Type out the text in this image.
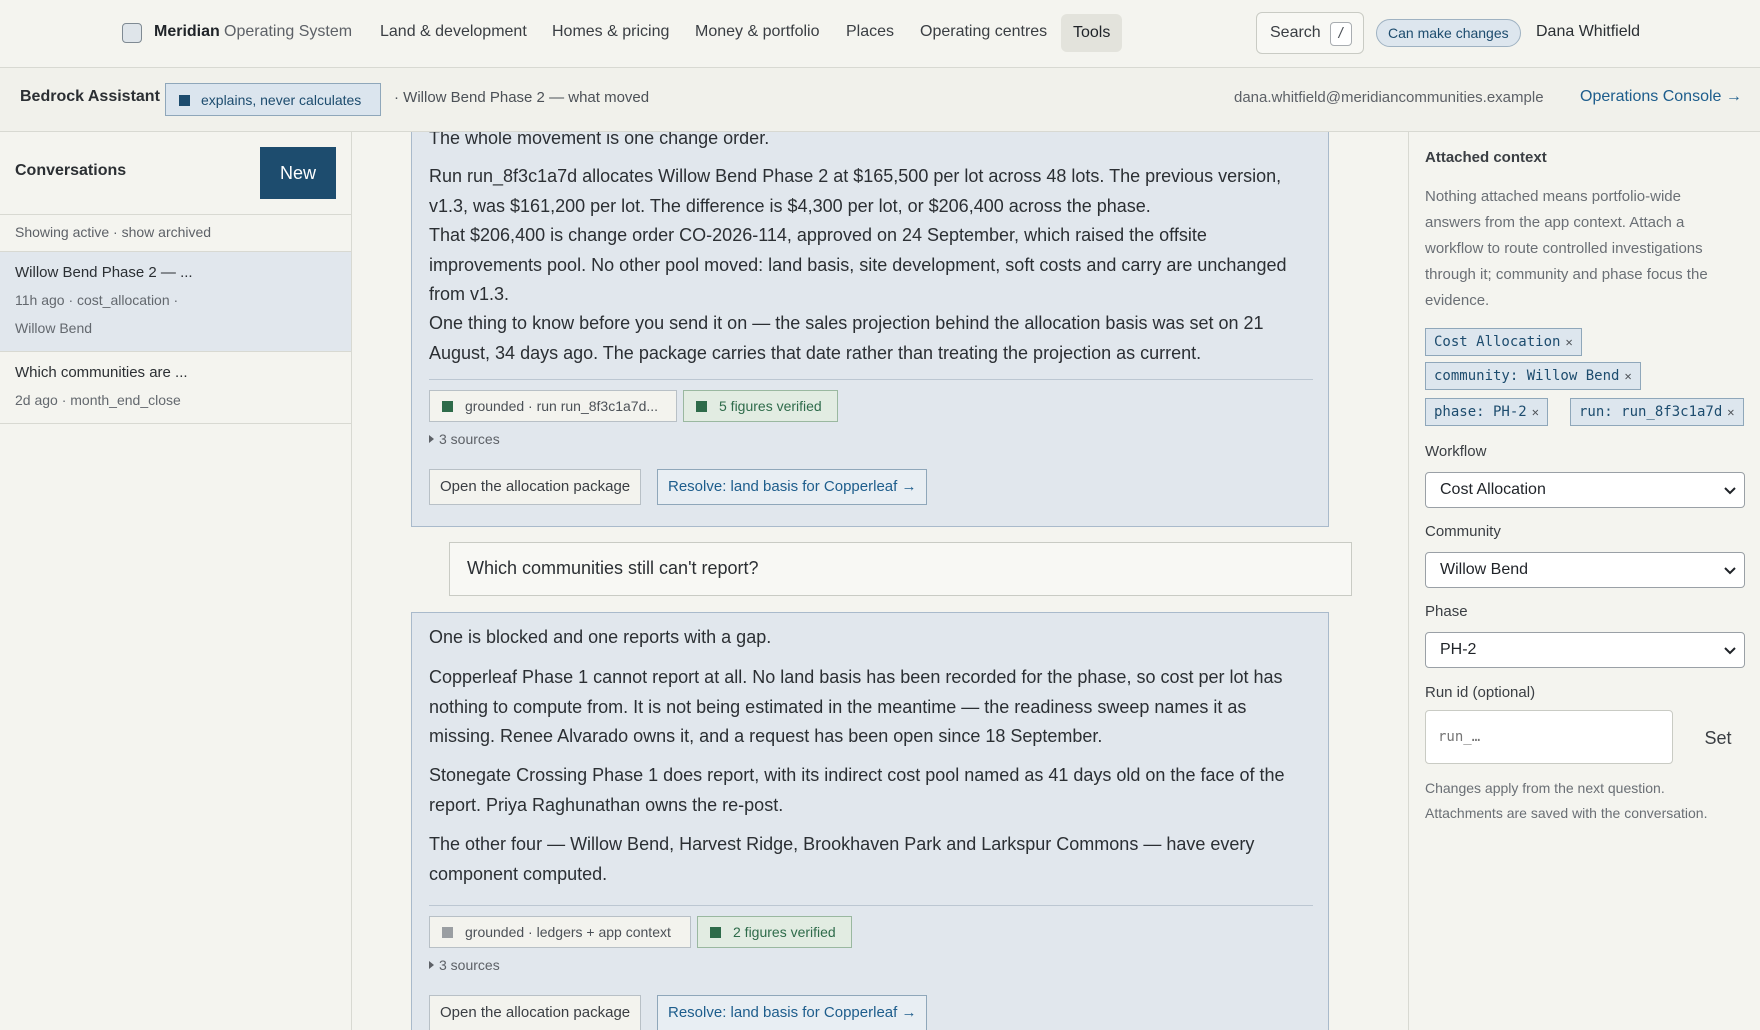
Meridian Operating System Land & development Homes & pricing Money & portfolio Places Operating centres	Tools	Search	/	Can make changes	Dana Whitfield
Bedrock Assistant	explains, never calculates · Willow Bend Phase 2 — what moved	dana.whitfield@meridiancommunities.example Operations Console →
Conversations	New
Showing active · show archived
Willow Bend Phase 2 — ...
11h ago · cost_allocation ·
Willow Bend
Which communities are ...
2d ago · month_end_close

The whole movement is one change order.

Run run_8f3c1a7d allocates Willow Bend Phase 2 at $165,500 per lot across 48 lots. The previous version, v1.3, was $161,200 per lot. The difference is $4,300 per lot, or $206,400 across the phase.

That $206,400 is change order CO-2026-114, approved on 24 September, which raised the offsite improvements pool. No other pool moved: land basis, site development, soft costs and carry are unchanged from v1.3.

One thing to know before you send it on — the sales projection behind the allocation basis was set on 21 August, 34 days ago. The package carries that date rather than treating the projection as current.

grounded · run run_8f3c1a7d...	5 figures verified
3 sources
Open the allocation package	Resolve: land basis for Copperleaf →
Which communities still can't report?

One is blocked and one reports with a gap.

Copperleaf Phase 1 cannot report at all. No land basis has been recorded for the phase, so cost per lot has nothing to compute from. It is not being estimated in the meantime — the readiness sweep names it as missing. Renee Alvarado owns it, and a request has been open since 18 September.

Stonegate Crossing Phase 1 does report, with its indirect cost pool named as 41 days old on the face of the report. Priya Raghunathan owns the re-post.

The other four — Willow Bend, Harvest Ridge, Brookhaven Park and Larkspur Commons — have every component computed.

grounded · ledgers + app context	2 figures verified
3 sources
Open the allocation package	Resolve: land basis for Copperleaf →
Attached context

Nothing attached means portfolio-wide answers from the app context. Attach a workflow to route controlled investigations through it; community and phase focus the evidence.

Cost Allocation ✕
community: Willow Bend ✕
phase: PH-2 ✕	run: run_8f3c1a7d ✕
Workflow
Cost Allocation
Community
Willow Bend
Phase
PH-2
Run id (optional)
run_…
Set
Changes apply from the next question.
Attachments are saved with the conversation.
